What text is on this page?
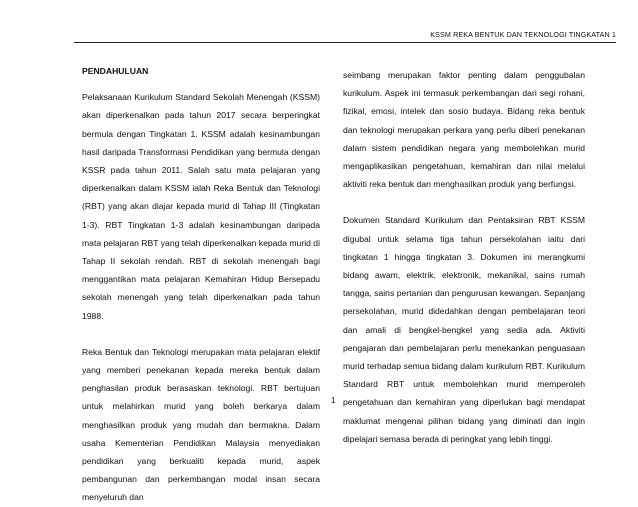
KSSM REKA BENTUK DAN TEKNOLOGI TINGKATAN 1
PENDAHULUAN

Pelaksanaan Kurikulum Standard Sekolah Menengah (KSSM) akan diperkenalkan pada tahun 2017 secara berperingkat bermula dengan Tingkatan 1. KSSM adalah kesinambungan hasil daripada Transformasi Pendidikan yang bermula dengan KSSR pada tahun 2011. Salah satu mata pelajaran yang diperkenalkan dalam KSSM ialah Reka Bentuk dan Teknologi (RBT) yang akan diajar kepada murid di Tahap III (Tingkatan 1-3). RBT Tingkatan 1-3 adalah kesinambungan daripada mata pelajaran RBT yang telah diperkenalkan kepada murid di Tahap II sekolah rendah. RBT di sekolah menengah bagi menggantikan mata pelajaran Kemahiran Hidup Bersepadu sekolah menengah yang telah diperkenalkan pada tahun 1988.

Reka Bentuk dan Teknologi merupakan mata pelajaran elektif yang memberi penekanan kepada mereka bentuk dalam penghasilan produk berasaskan teknologi. RBT bertujuan untuk melahirkan murid yang boleh berkarya dalam menghasilkan produk yang mudah dan bermakna. Dalam usaha Kementerian Pendidikan Malaysia menyediakan pendidikan yang berkualiti kepada murid, aspek pembangunan dan perkembangan modal insan secara menyeluruh dan

seimbang merupakan faktor penting dalam penggubalan kurikulum. Aspek ini termasuk perkembangan dari segi rohani, fizikal, emosi, intelek dan sosio budaya. Bidang reka bentuk dan teknologi merupakan perkara yang perlu diberi penekanan dalam sistem pendidikan negara yang membolehkan murid mengaplikasikan pengetahuan, kemahiran dan nilai melalui aktiviti reka bentuk dan menghasilkan produk yang berfungsi.

Dokumen Standard Kurikulum dan Pentaksiran RBT KSSM digubal untuk selama tiga tahun persekolahan iaitu dari tingkatan 1 hingga tingkatan 3. Dokumen ini merangkumi bidang awam, elektrik, elektronik, mekanikal, sains rumah tangga, sains pertanian dan pengurusan kewangan. Sepanjang persekolahan, murid didedahkan dengan pembelajaran teori dan amali di bengkel-bengkel yang sedia ada. Aktiviti pengajaran dan pembelajaran perlu menekankan penguasaan murid terhadap semua bidang dalam kurikulum RBT. Kurikulum Standard RBT untuk membolehkan murid memperoleh pengetahuan dan kemahiran yang diperlukan bagi mendapat maklumat mengenai pilihan bidang yang diminati dan ingin dipelajari semasa berada di peringkat yang lebih tinggi.

1
